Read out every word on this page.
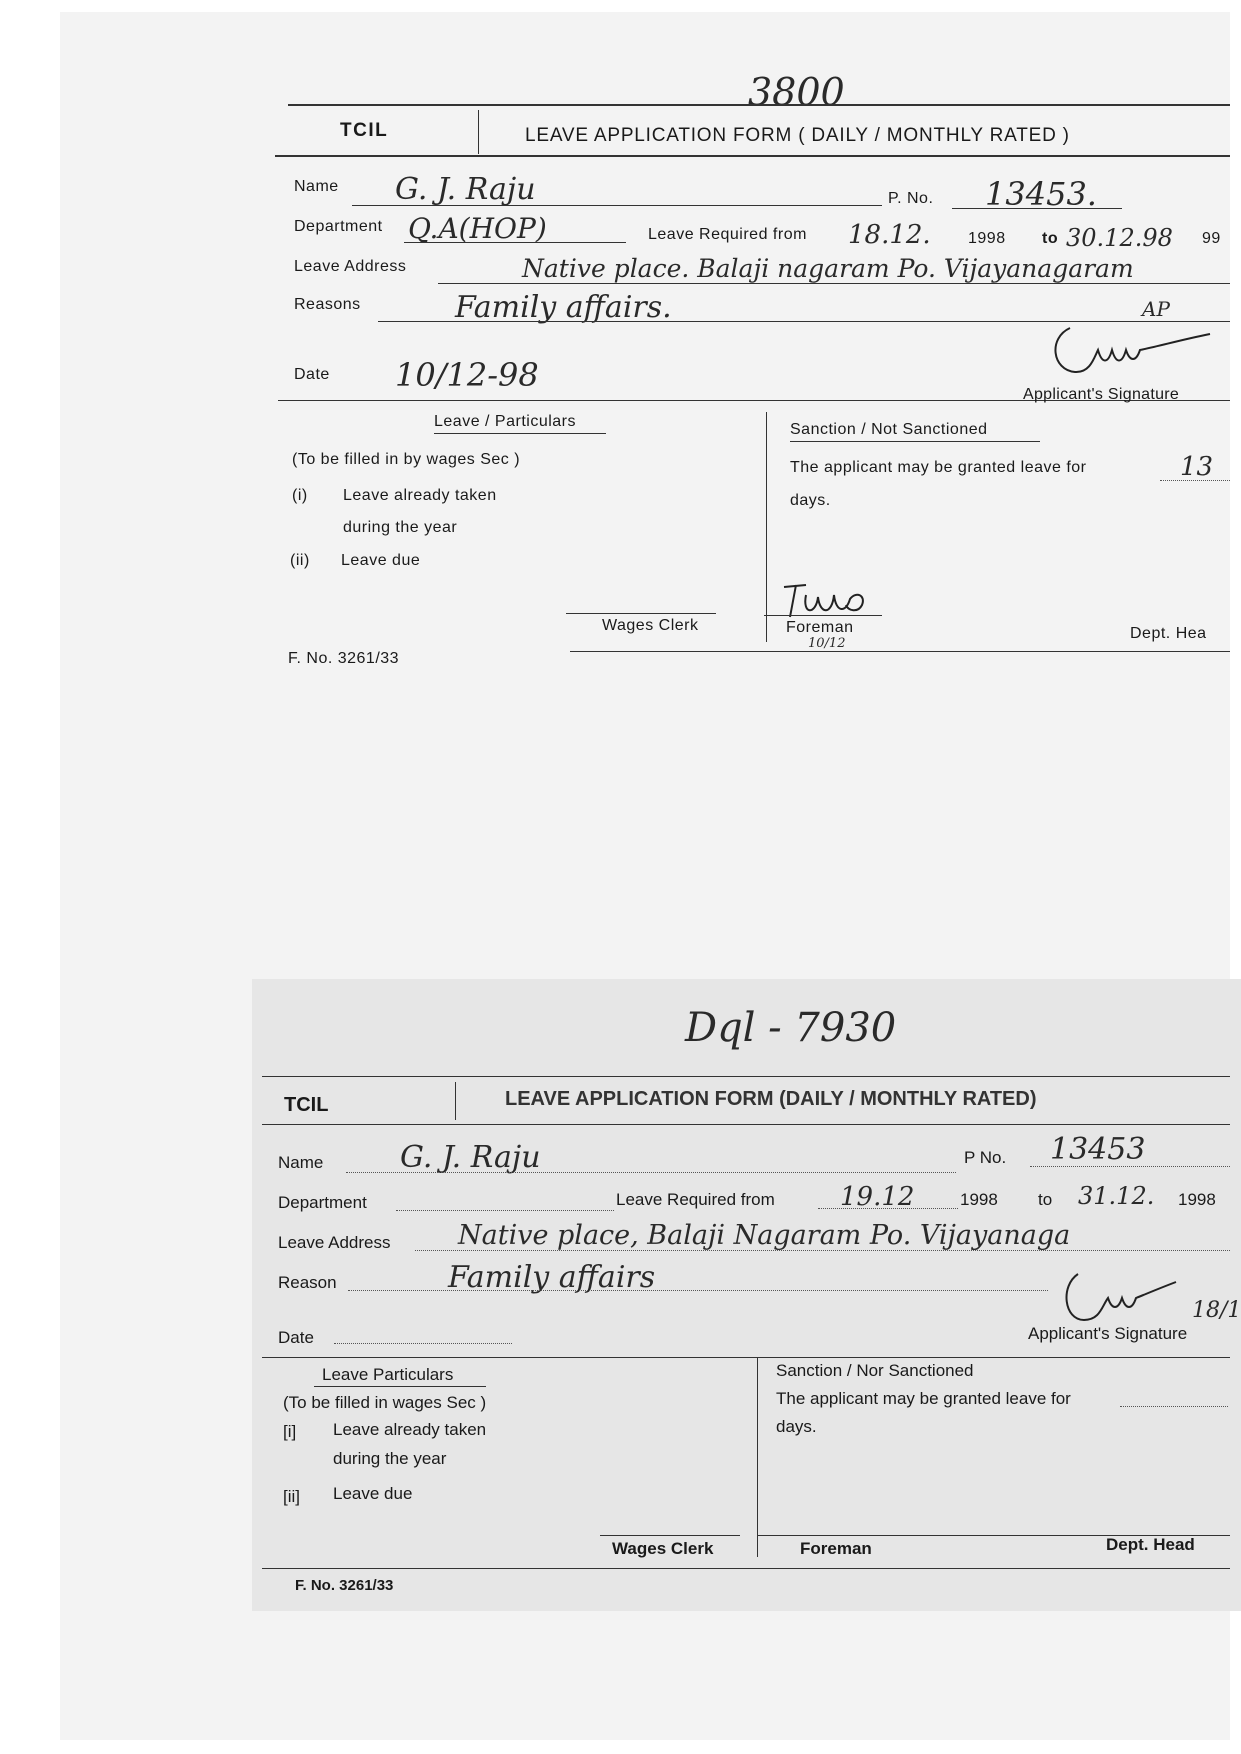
3800
TCIL	LEAVE APPLICATION FORM ( DAILY / MONTHLY RATED )
Name G. J. Raju	P. No. 13453.
Department Q.A(HOP)	Leave Required from 18.12. 1998 to 30.12.98 99
Leave Address	Native place. Balaji nagaram Po. Vijayanagaram
AP
Reasons	Family affairs.
Date 10/12-98
Applicant's Signature
Leave / Particulars
(To be filled in by wages Sec )
(i) Leave already taken
during the year
(ii) Leave due
Wages Clerk
Sanction / Not Sanctioned
The applicant may be granted leave for	13
days.
Foreman
10/12
Dept. Hea
F. No. 3261/33
Dql - 7930
TCIL	LEAVE APPLICATION FORM (DAILY / MONTHLY RATED)
Name	G. J. Raju	P No. 13453
Department	Leave Required from	19.12	1998 to 31.12. 1998
Leave Address	Native place, Balaji Nagaram Po. Vijayanaga
Reason	Family affairs
18/1
Date	Applicant's Signature
Leave Particulars
(To be filled in wages Sec )
[i] Leave already taken
during the year
[ii] Leave due
Wages Clerk
Sanction / Nor Sanctioned
The applicant may be granted leave for
days.
Foreman	Dept. Head
F. No. 3261/33
